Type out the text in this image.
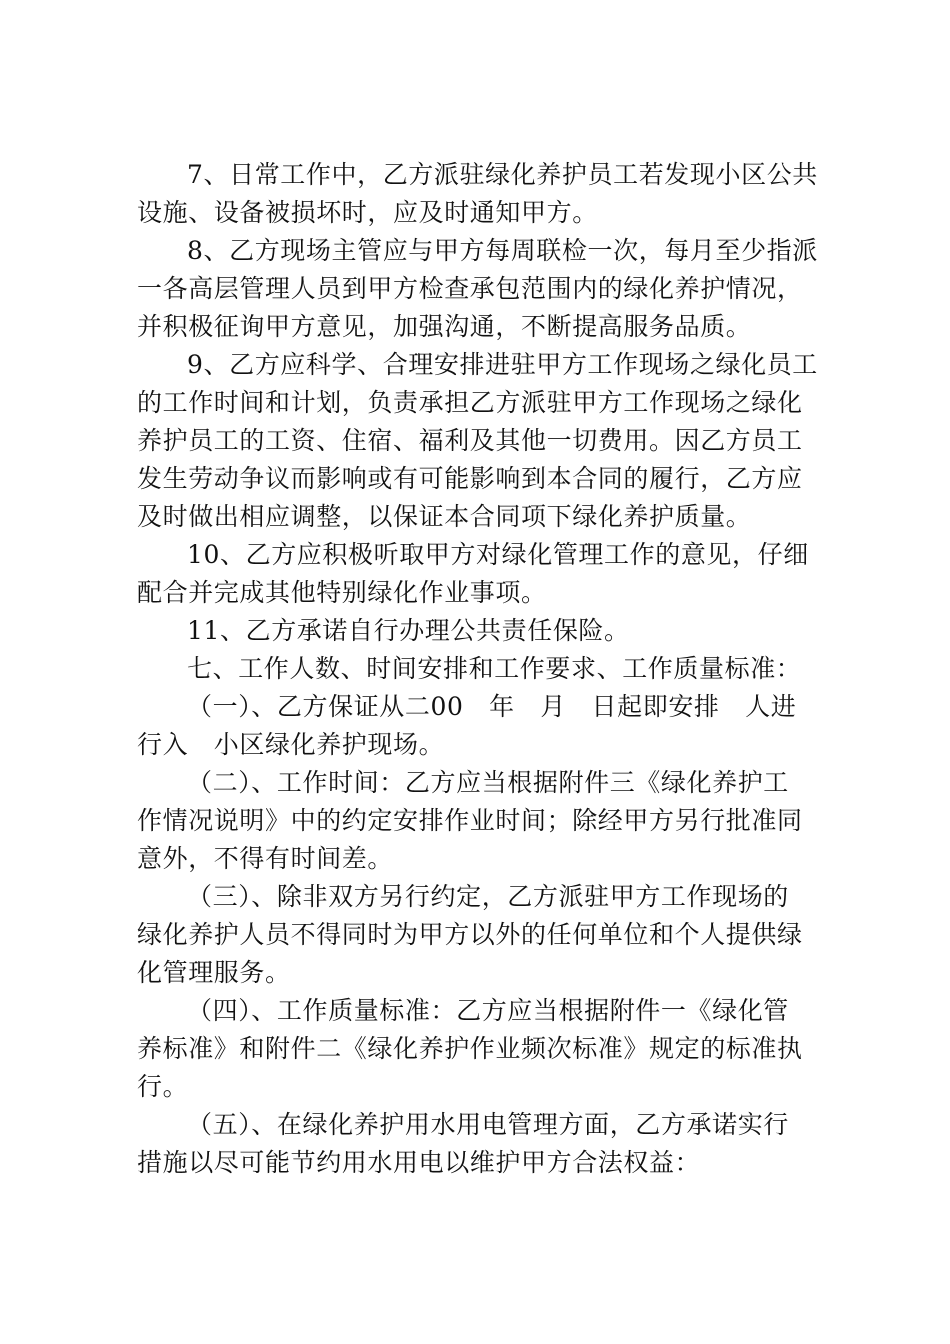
7、日常工作中，乙方派驻绿化养护员工若发现小区公共
设施、设备被损坏时，应及时通知甲方。
8、乙方现场主管应与甲方每周联检一次，每月至少指派
一各高层管理人员到甲方检查承包范围内的绿化养护情况，
并积极征询甲方意见，加强沟通，不断提高服务品质。
9、乙方应科学、合理安排进驻甲方工作现场之绿化员工
的工作时间和计划，负责承担乙方派驻甲方工作现场之绿化
养护员工的工资、住宿、福利及其他一切费用。因乙方员工
发生劳动争议而影响或有可能影响到本合同的履行，乙方应
及时做出相应调整，以保证本合同项下绿化养护质量。
10、乙方应积极听取甲方对绿化管理工作的意见，仔细
配合并完成其他特别绿化作业事项。
11、乙方承诺自行办理公共责任保险。
七、工作人数、时间安排和工作要求、工作质量标准：
（一）、乙方保证从二00　年　月　日起即安排　人进
行入　小区绿化养护现场。
（二）、工作时间：乙方应当根据附件三《绿化养护工
作情况说明》中的约定安排作业时间；除经甲方另行批准同
意外，不得有时间差。
（三）、除非双方另行约定，乙方派驻甲方工作现场的
绿化养护人员不得同时为甲方以外的任何单位和个人提供绿
化管理服务。
（四）、工作质量标准：乙方应当根据附件一《绿化管
养标准》和附件二《绿化养护作业频次标准》规定的标准执
行。
（五）、在绿化养护用水用电管理方面，乙方承诺实行
措施以尽可能节约用水用电以维护甲方合法权益：
